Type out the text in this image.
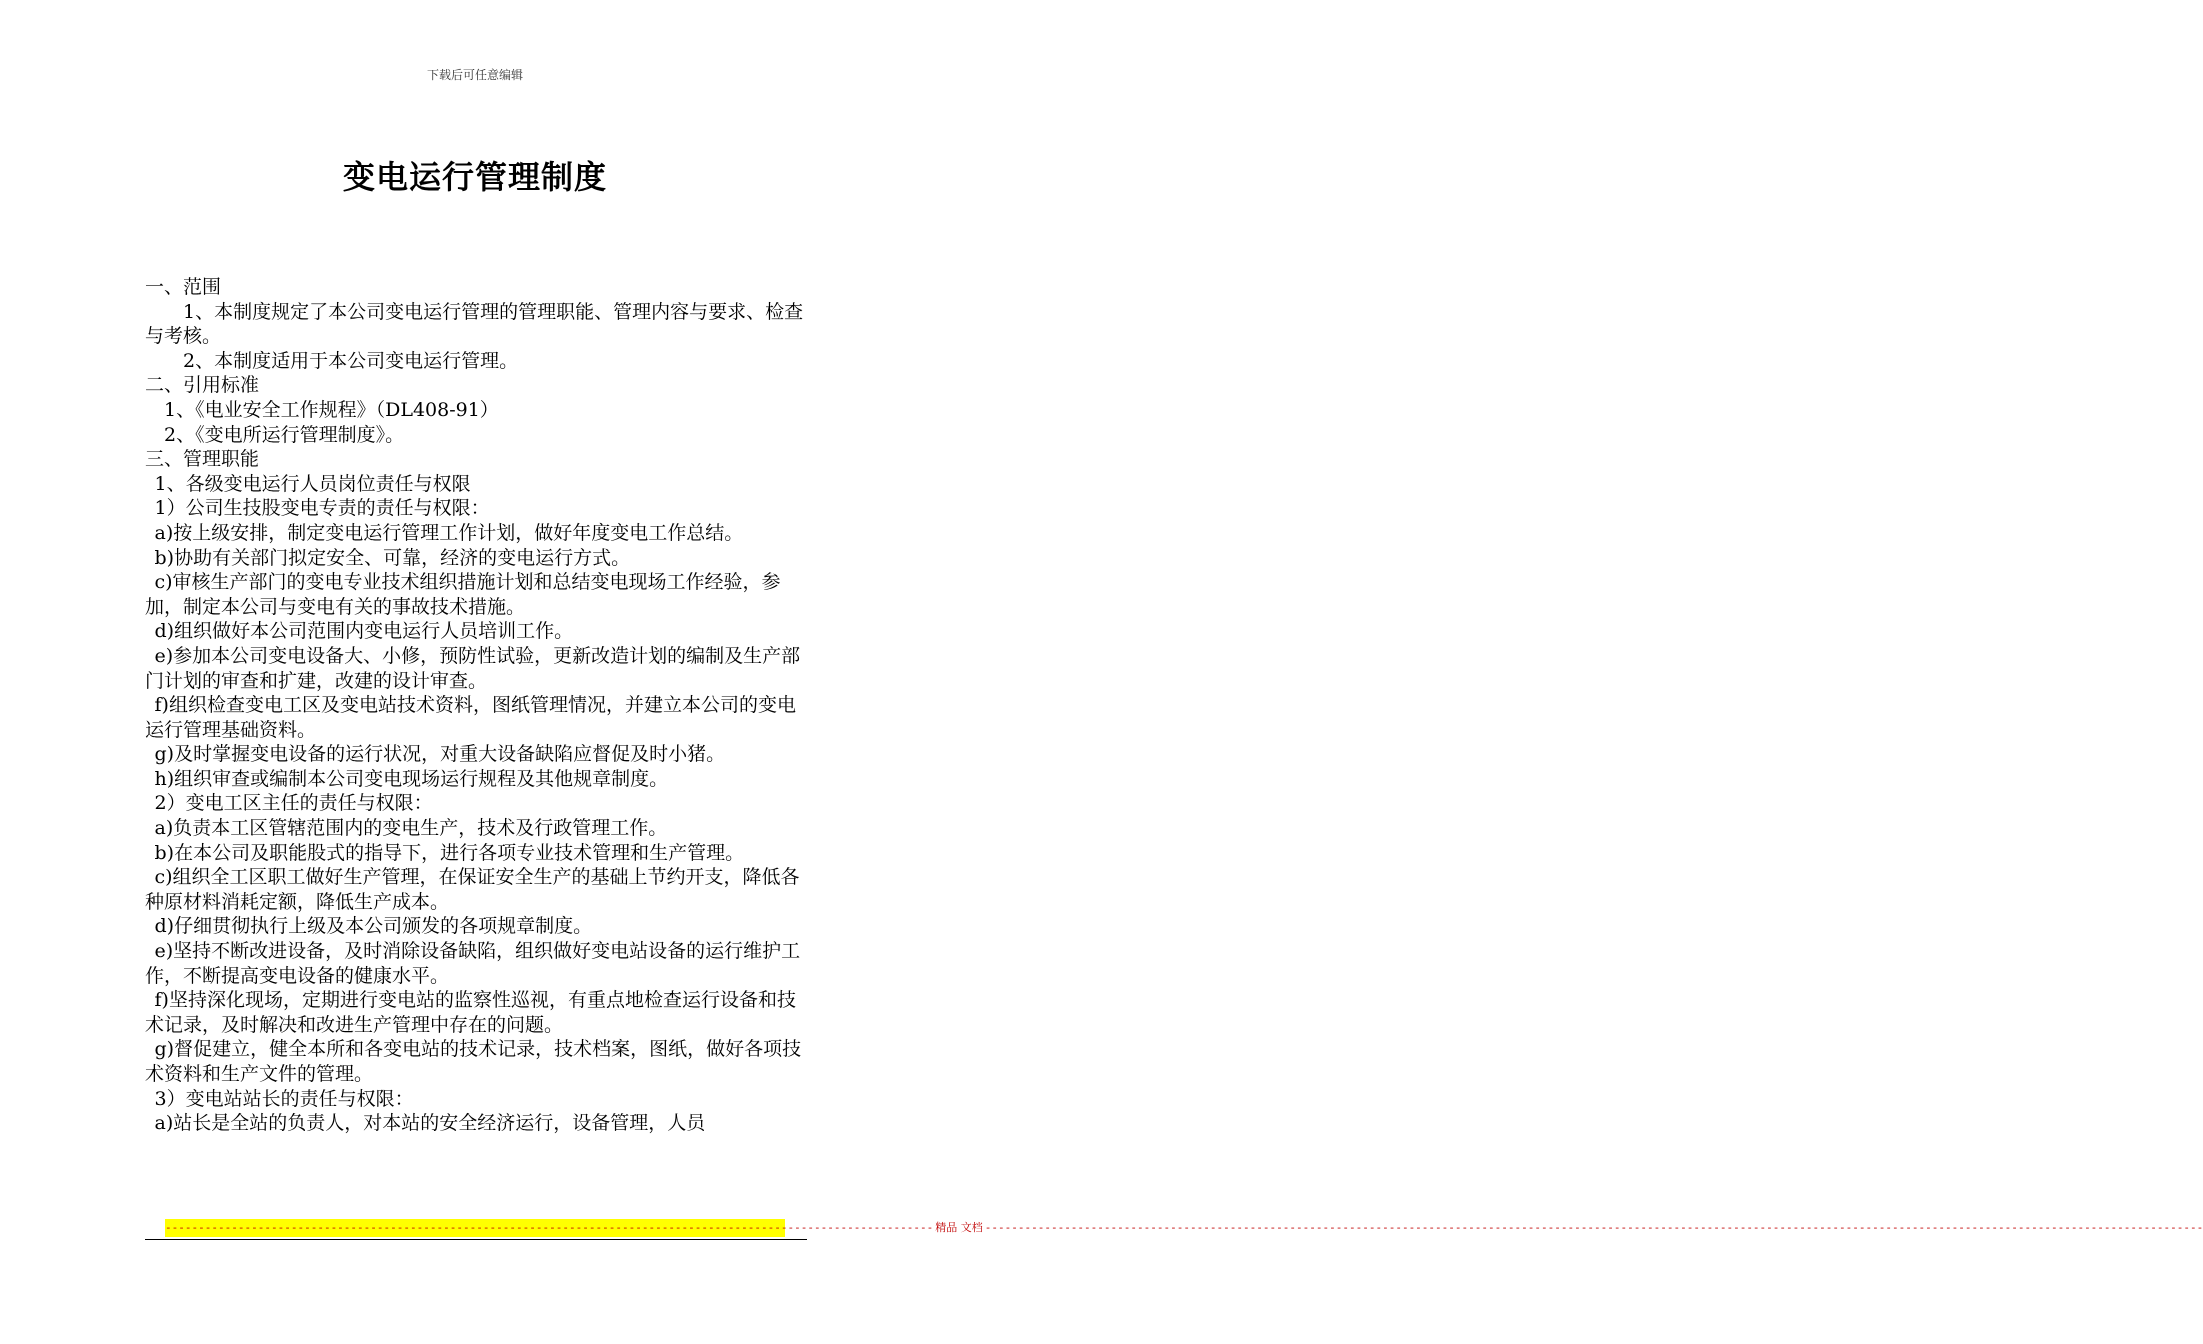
下载后可任意编辑
变电运行管理制度

一、范围

1、本制度规定了本公司变电运行管理的管理职能、管理内容与要求、检查与考核。

2、本制度适用于本公司变电运行管理。

二、引用标准

1、《电业安全工作规程》（DL408-91）

2、《变电所运行管理制度》。

三、管理职能

1、各级变电运行人员岗位责任与权限

1）公司生技股变电专责的责任与权限：

a)按上级安排，制定变电运行管理工作计划，做好年度变电工作总结。

b)协助有关部门拟定安全、可靠，经济的变电运行方式。

c)审核生产部门的变电专业技术组织措施计划和总结变电现场工作经验，参加，制定本公司与变电有关的事故技术措施。

d)组织做好本公司范围内变电运行人员培训工作。

e)参加本公司变电设备大、小修，预防性试验，更新改造计划的编制及生产部门计划的审查和扩建，改建的设计审查。

f)组织检查变电工区及变电站技术资料，图纸管理情况，并建立本公司的变电运行管理基础资料。

g)及时掌握变电设备的运行状况，对重大设备缺陷应督促及时小猪。

h)组织审查或编制本公司变电现场运行规程及其他规章制度。

2）变电工区主任的责任与权限：

a)负责本工区管辖范围内的变电生产，技术及行政管理工作。

b)在本公司及职能股式的指导下，进行各项专业技术管理和生产管理。

c)组织全工区职工做好生产管理，在保证安全生产的基础上节约开支，降低各种原材料消耗定额，降低生产成本。

d)仔细贯彻执行上级及本公司颁发的各项规章制度。

e)坚持不断改进设备，及时消除设备缺陷，组织做好变电站设备的运行维护工作，不断提高变电设备的健康水平。

f)坚持深化现场，定期进行变电站的监察性巡视，有重点地检查运行设备和技术记录，及时解决和改进生产管理中存在的问题。

g)督促建立，健全本所和各变电站的技术记录，技术档案，图纸，做好各项技术资料和生产文件的管理。

3）变电站站长的责任与权限：

a)站长是全站的负责人，对本站的安全经济运行，设备管理，人员

-------------------------------------------------------------------------------------------------------------------- 精品 文档 ----------------------------------------------------------------------------------------------------------------------------------------------------------------------------------------
